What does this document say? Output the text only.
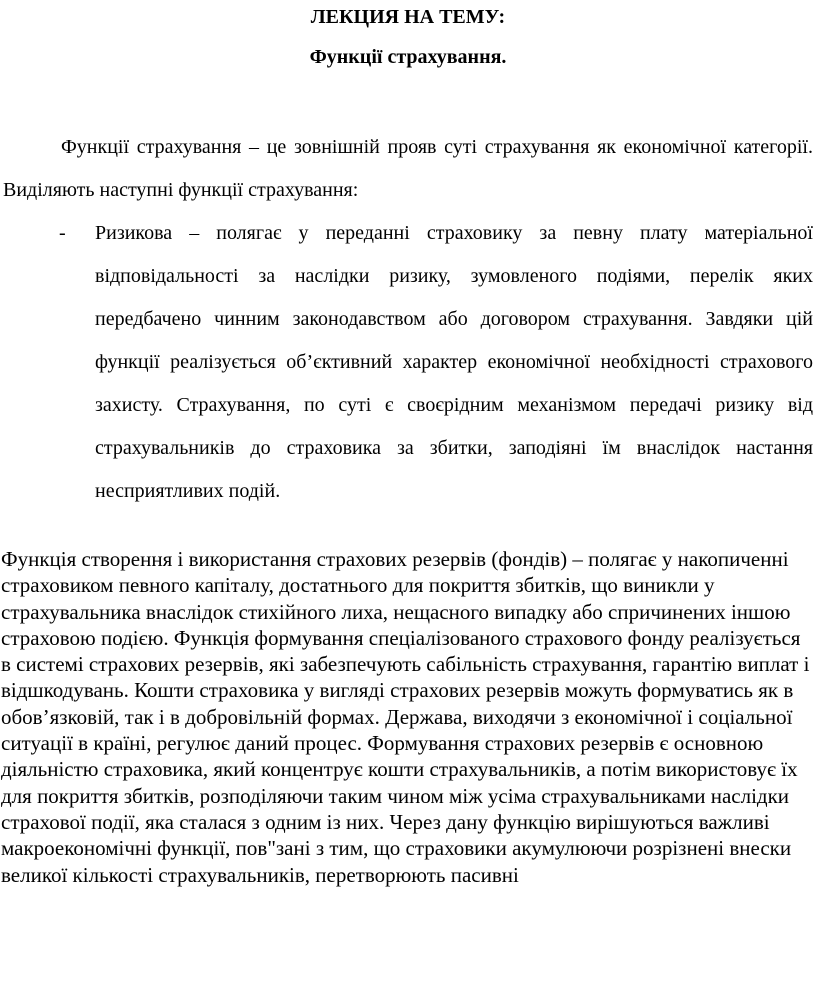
ЛЕКЦИЯ НА ТЕМУ:
Функції страхування.

Функції страхування – це зовнішній прояв суті страхування як економічної категорії. Виділяють наступні функції страхування:

- Ризикова – полягає у переданні страховику за певну плату матеріальної відповідальності за наслідки ризику, зумовленого подіями, перелік яких передбачено чинним законодавством або договором страхування. Завдяки цій функції реалізується об’єктивний характер економічної необхідності страхового захисту. Страхування, по суті є своєрідним механізмом передачі ризику від страхувальників до страховика за збитки, заподіяні їм внаслідок настання несприятливих подій.

Функція створення і використання страхових резервів (фондів) – полягає у накопиченні страховиком певного капіталу, достатнього для покриття збитків, що виникли у страхувальника внаслідок стихійного лиха, нещасного випадку або спричинених іншою страховою подією. Функція формування спеціалізованого страхового фонду реалізується в системі страхових резервів, які забезпечують сабільність страхування, гарантію виплат і відшкодувань. Кошти страховика у вигляді страхових резервів можуть формуватись як в обов’язковій, так і в добровільній формах. Держава, виходячи з економічної і соціальної ситуації в країні, регулює даний процес. Формування страхових резервів є основною діяльністю страховика, який концентрує кошти страхувальників, а потім використовує їх для покриття збитків, розподіляючи таким чином між усіма страхувальниками наслідки страхової події, яка сталася з одним із них. Через дану функцію вирішуються важливі макроекономічні функції, пов"зані з тим, що страховики акумулюючи розрізнені внески великої кількості страхувальників, перетворюють пасивні
